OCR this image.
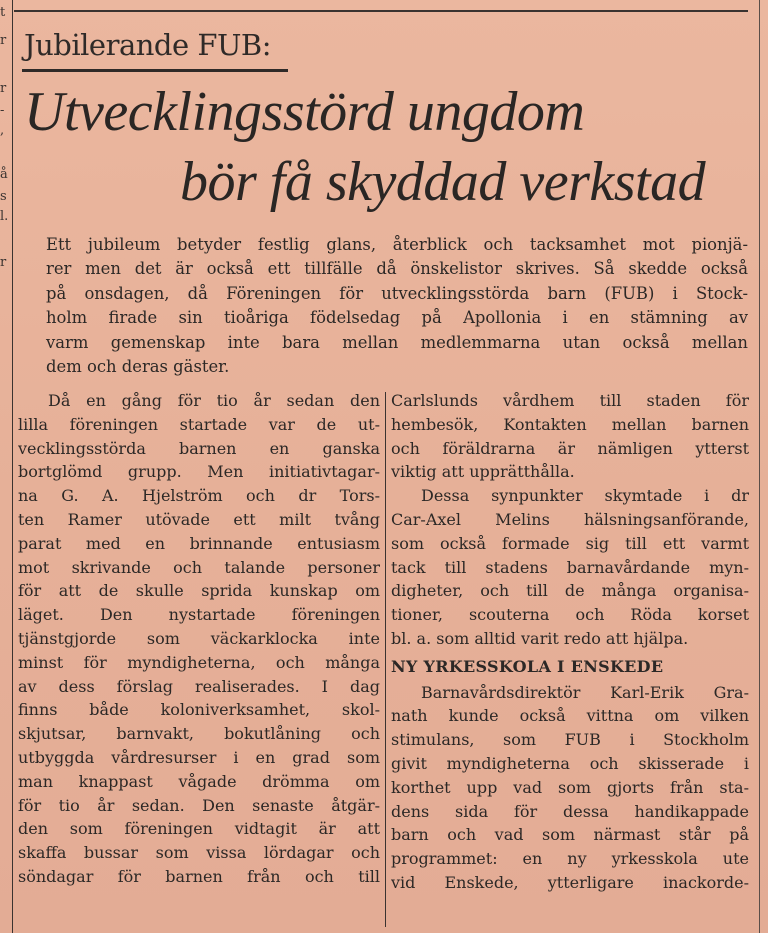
t
r
r
-
,
å
s
l.
r
Jubilerande FUB:
Utvecklingsstörd ungdom
bör få skyddad verkstad
Ett jubileum betyder festlig glans, återblick och tacksamhet mot pionjä-
rer men det är också ett tillfälle då önskelistor skrives. Så skedde också
på onsdagen, då Föreningen för utvecklingsstörda barn (FUB) i Stock-
holm firade sin tioåriga födelsedag på Apollonia i en stämning av
varm gemenskap inte bara mellan medlemmarna utan också mellan
dem och deras gäster.
Då en gång för tio år sedan den
lilla föreningen startade var de ut-
vecklingsstörda barnen en ganska
bortglömd grupp. Men initiativtagar-
na G. A. Hjelström och dr Tors-
ten Ramer utövade ett milt tvång
parat med en brinnande entusiasm
mot skrivande och talande personer
för att de skulle sprida kunskap om
läget. Den nystartade föreningen
tjänstgjorde som väckarklocka inte
minst för myndigheterna, och många
av dess förslag realiserades. I dag
finns både koloniverksamhet, skol-
skjutsar, barnvakt, bokutlåning och
utbyggda vårdresurser i en grad som
man knappast vågade drömma om
för tio år sedan. Den senaste åtgär-
den som föreningen vidtagit är att
skaffa bussar som vissa lördagar och
söndagar för barnen från och till
Carlslunds vårdhem till staden för
hembesök, Kontakten mellan barnen
och föräldrarna är nämligen ytterst
viktig att upprätthålla.
Dessa synpunkter skymtade i dr
Car-Axel Melins hälsningsanförande,
som också formade sig till ett varmt
tack till stadens barnavårdande myn-
digheter, och till de många organisa-
tioner, scouterna och Röda korset
bl. a. som alltid varit redo att hjälpa.
NY YRKESSKOLA I ENSKEDE
Barnavårdsdirektör Karl-Erik Gra-
nath kunde också vittna om vilken
stimulans, som FUB i Stockholm
givit myndigheterna och skisserade i
korthet upp vad som gjorts från sta-
dens sida för dessa handikappade
barn och vad som närmast står på
programmet: en ny yrkesskola ute
vid Enskede, ytterligare inackorde-
